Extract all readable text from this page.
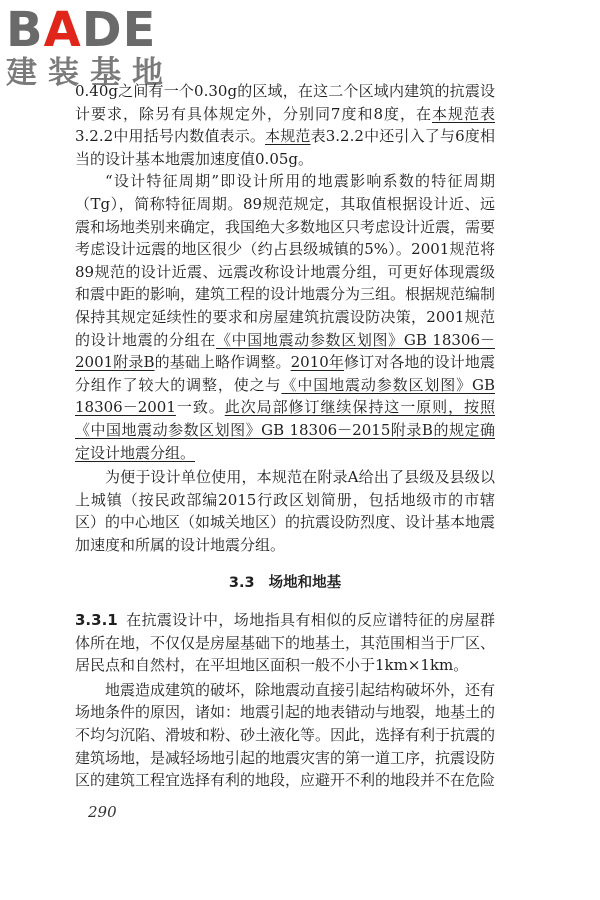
BADE
建装基地

0.40g之间有一个0.30g的区域，在这二个区域内建筑的抗震设计要求，除另有具体规定外，分别同7度和8度，在本规范表3.2.2中用括号内数值表示。本规范表3.2.2中还引入了与6度相当的设计基本地震加速度值0.05g。

“设计特征周期”即设计所用的地震影响系数的特征周期（Tg），简称特征周期。89规范规定，其取值根据设计近、远震和场地类别来确定，我国绝大多数地区只考虑设计近震，需要考虑设计远震的地区很少（约占县级城镇的5%）。2001规范将89规范的设计近震、远震改称设计地震分组，可更好体现震级和震中距的影响，建筑工程的设计地震分为三组。根据规范编制保持其规定延续性的要求和房屋建筑抗震设防决策，2001规范的设计地震的分组在《中国地震动参数区划图》GB 18306－2001附录B的基础上略作调整。2010年修订对各地的设计地震分组作了较大的调整，使之与《中国地震动参数区划图》GB 18306－2001一致。此次局部修订继续保持这一原则，按照《中国地震动参数区划图》GB 18306－2015附录B的规定确定设计地震分组。

为便于设计单位使用，本规范在附录A给出了县级及县级以上城镇（按民政部编2015行政区划简册，包括地级市的市辖区）的中心地区（如城关地区）的抗震设防烈度、设计基本地震加速度和所属的设计地震分组。

3.3 场地和地基

3.3.1 在抗震设计中，场地指具有相似的反应谱特征的房屋群体所在地，不仅仅是房屋基础下的地基土，其范围相当于厂区、居民点和自然村，在平坦地区面积一般不小于1km×1km。

地震造成建筑的破坏，除地震动直接引起结构破坏外，还有场地条件的原因，诸如：地震引起的地表错动与地裂，地基土的不均匀沉陷、滑坡和粉、砂土液化等。因此，选择有利于抗震的建筑场地，是减轻场地引起的地震灾害的第一道工序，抗震设防区的建筑工程宜选择有利的地段，应避开不利的地段并不在危险

290
